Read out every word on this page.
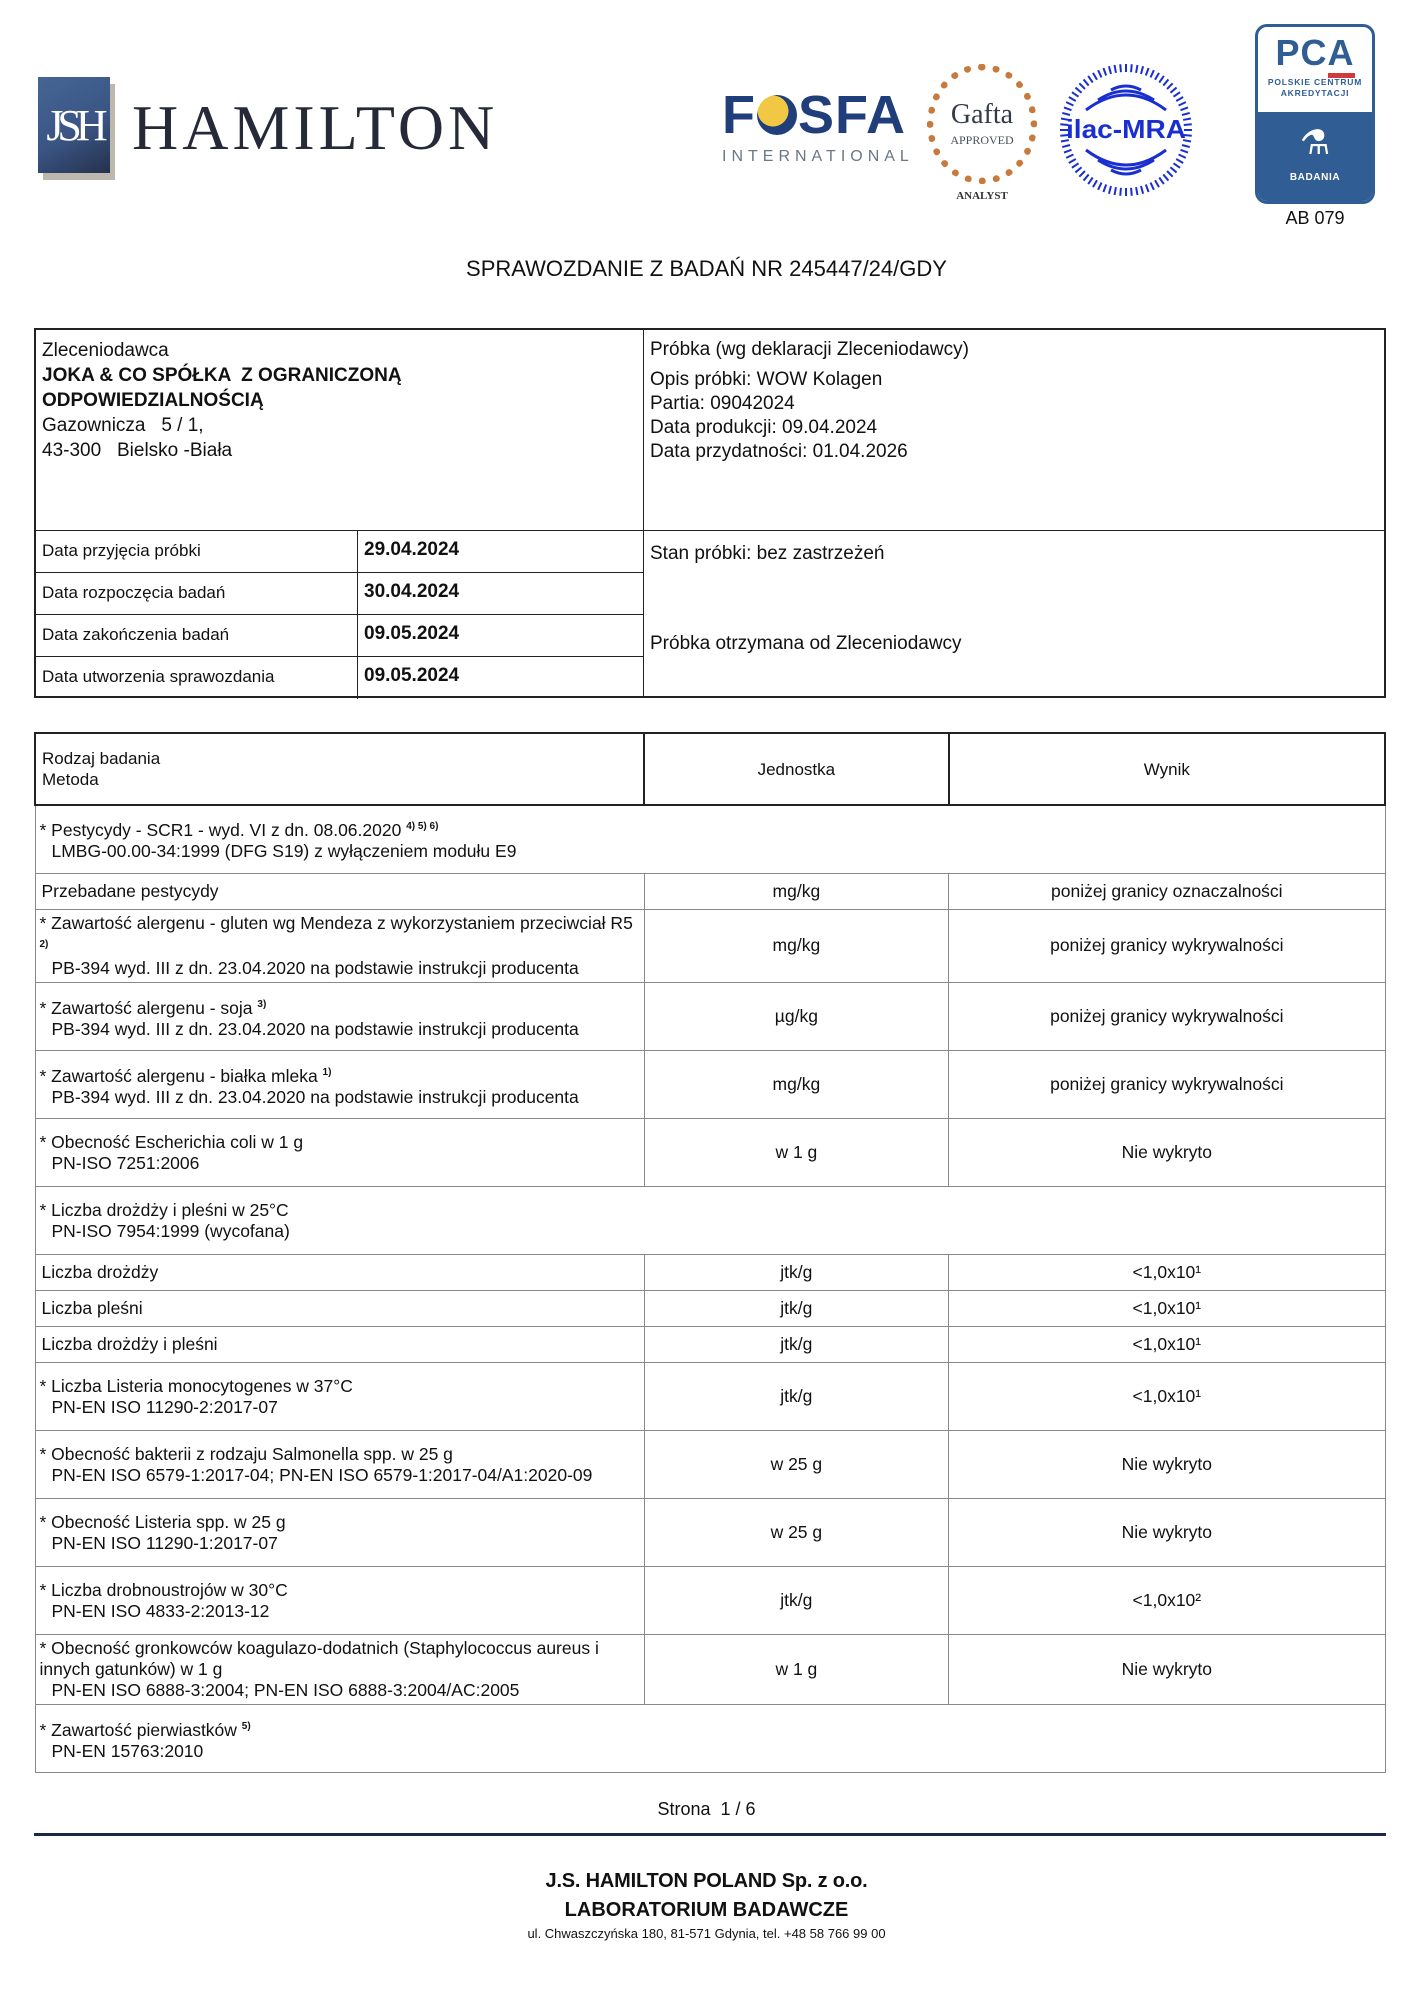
JSH HAMILTON	F SFA
INTERNATIONAL
Gafta
APPROVED
ANALYST
ilac-MRA
PCA
POLSKIE CENTRUM
AKREDYTACJI
⚗
BADANIA
AB 079
SPRAWOZDANIE Z BADAŃ NR 245447/24/GDY
Zleceniodawca
JOKA & CO SPÓŁKA  Z OGRANICZONĄ
ODPOWIEDZIALNOŚCIĄ
Gazownicza   5 / 1,
43-300   Bielsko -Biała
Próbka (wg deklaracji Zleceniodawcy)
Opis próbki: WOW Kolagen
Partia: 09042024
Data produkcji: 09.04.2024
Data przydatności: 01.04.2026
Data przyjęcia próbki	29.04.2024
Data rozpoczęcia badań	30.04.2024
Data zakończenia badań	09.05.2024
Data utworzenia sprawozdania	09.05.2024
Stan próbki: bez zastrzeżeń
Próbka otrzymana od Zleceniodawcy
Rodzaj badania
Metoda	Jednostka	Wynik
* Pestycydy - SCR1 - wyd. VI z dn. 08.06.2020 $^{4) 5) 6)}$
LMBG-00.00-34:1999 (DFG S19) z wyłączeniem modułu E9		

Przebadane pestycydy	mg/kg	poniżej granicy oznaczalności
* Zawartość alergenu - gluten wg Mendeza z wykorzystaniem przeciwciał R5 $^{2)}$
PB-394 wyd. III z dn. 23.04.2020 na podstawie instrukcji producenta	mg/kg	poniżej granicy wykrywalności
* Zawartość alergenu - soja $^{3)}$
PB-394 wyd. III z dn. 23.04.2020 na podstawie instrukcji producenta	µg/kg	poniżej granicy wykrywalności
* Zawartość alergenu - białka mleka $^{1)}$
PB-394 wyd. III z dn. 23.04.2020 na podstawie instrukcji producenta	mg/kg	poniżej granicy wykrywalności
* Obecność Escherichia coli w 1 g
PN-ISO 7251:2006	w 1 g	Nie wykryto
* Liczba drożdży i pleśni w 25°C
PN-ISO 7954:1999 (wycofana)		

Liczba drożdży	jtk/g	<1,0x10¹
Liczba pleśni	jtk/g	<1,0x10¹
Liczba drożdży i pleśni	jtk/g	<1,0x10¹
* Liczba Listeria monocytogenes w 37°C
PN-EN ISO 11290-2:2017-07	jtk/g	<1,0x10¹
* Obecność bakterii z rodzaju Salmonella spp. w 25 g
PN-EN ISO 6579-1:2017-04; PN-EN ISO 6579-1:2017-04/A1:2020-09	w 25 g	Nie wykryto
* Obecność Listeria spp. w 25 g
PN-EN ISO 11290-1:2017-07	w 25 g	Nie wykryto
* Liczba drobnoustrojów w 30°C
PN-EN ISO 4833-2:2013-12	jtk/g	<1,0x10²
* Obecność gronkowców koagulazo-dodatnich (Staphylococcus aureus i innych gatunków) w 1 g
PN-EN ISO 6888-3:2004; PN-EN ISO 6888-3:2004/AC:2005	w 1 g	Nie wykryto
* Zawartość pierwiastków $^{5)}$
PN-EN 15763:2010		
Strona  1 / 6
J.S. HAMILTON POLAND Sp. z o.o.
LABORATORIUM BADAWCZE
ul. Chwaszczyńska 180, 81-571 Gdynia, tel. +48 58 766 99 00
